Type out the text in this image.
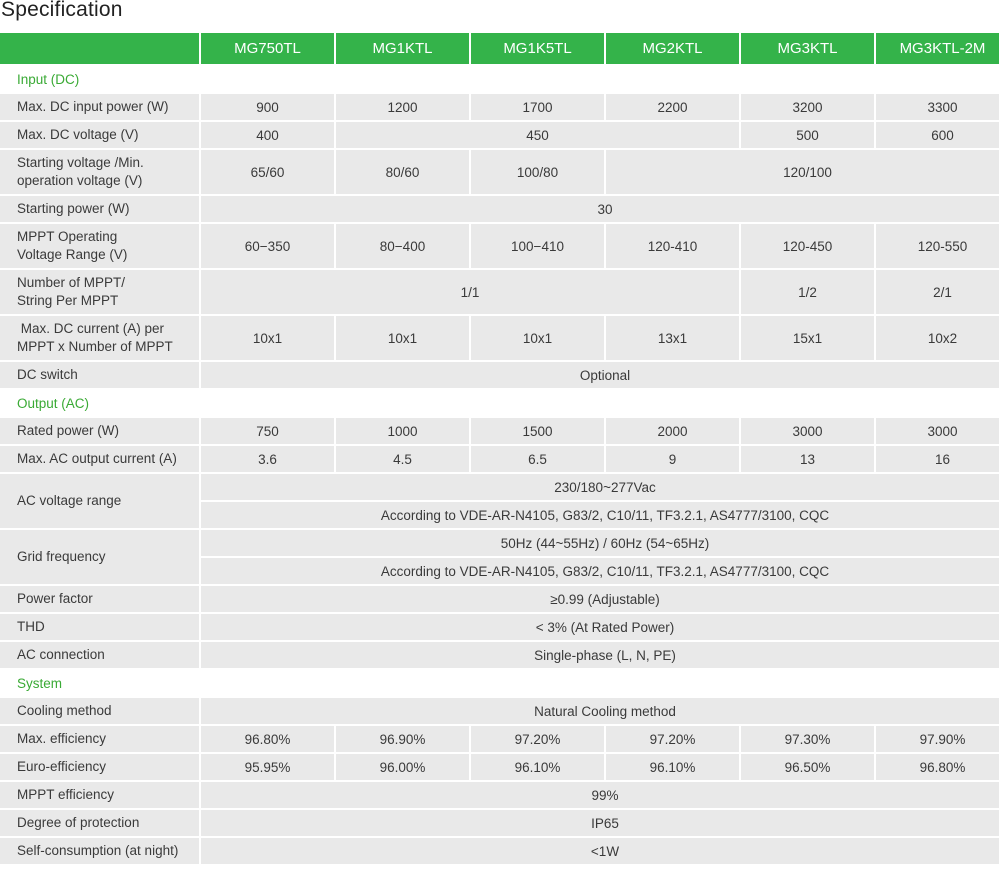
Specification
	MG750TL	MG1KTL	MG1K5TL	MG2KTL	MG3KTL	MG3KTL-2M
Input (DC)						
Max. DC input power (W)	900	1200	1700	2200	3200	3300
Max. DC voltage (V)	400	450			500	600
Starting voltage /Min.
operation voltage (V)	65/60	80/60	100/80	120/100		
Starting power (W)	30					
MPPT Operating
Voltage Range (V)	60−350	80−400	100−410	120-410	120-450	120-550
Number of MPPT/
String Per MPPT	1/1				1/2	2/1
Max. DC current (A) per
MPPT x Number of MPPT	10x1	10x1	10x1	13x1	15x1	10x2
DC switch	Optional					
Output (AC)						
Rated power (W)	750	1000	1500	2000	3000	3000
Max. AC output current (A)	3.6	4.5	6.5	9	13	16
AC voltage range	230/180~277Vac					
	According to VDE-AR-N4105, G83/2, C10/11, TF3.2.1, AS4777/3100, CQC					
Grid frequency	50Hz (44~55Hz) / 60Hz (54~65Hz)					
	According to VDE-AR-N4105, G83/2, C10/11, TF3.2.1, AS4777/3100, CQC					
Power factor	≥0.99 (Adjustable)					
THD	< 3% (At Rated Power)					
AC connection	Single-phase (L, N, PE)					
System						
Cooling method	Natural Cooling method					
Max. efficiency	96.80%	96.90%	97.20%	97.20%	97.30%	97.90%
Euro-efficiency	95.95%	96.00%	96.10%	96.10%	96.50%	96.80%
MPPT efficiency	99%					
Degree of protection	IP65					
Self-consumption (at night)	<1W					
